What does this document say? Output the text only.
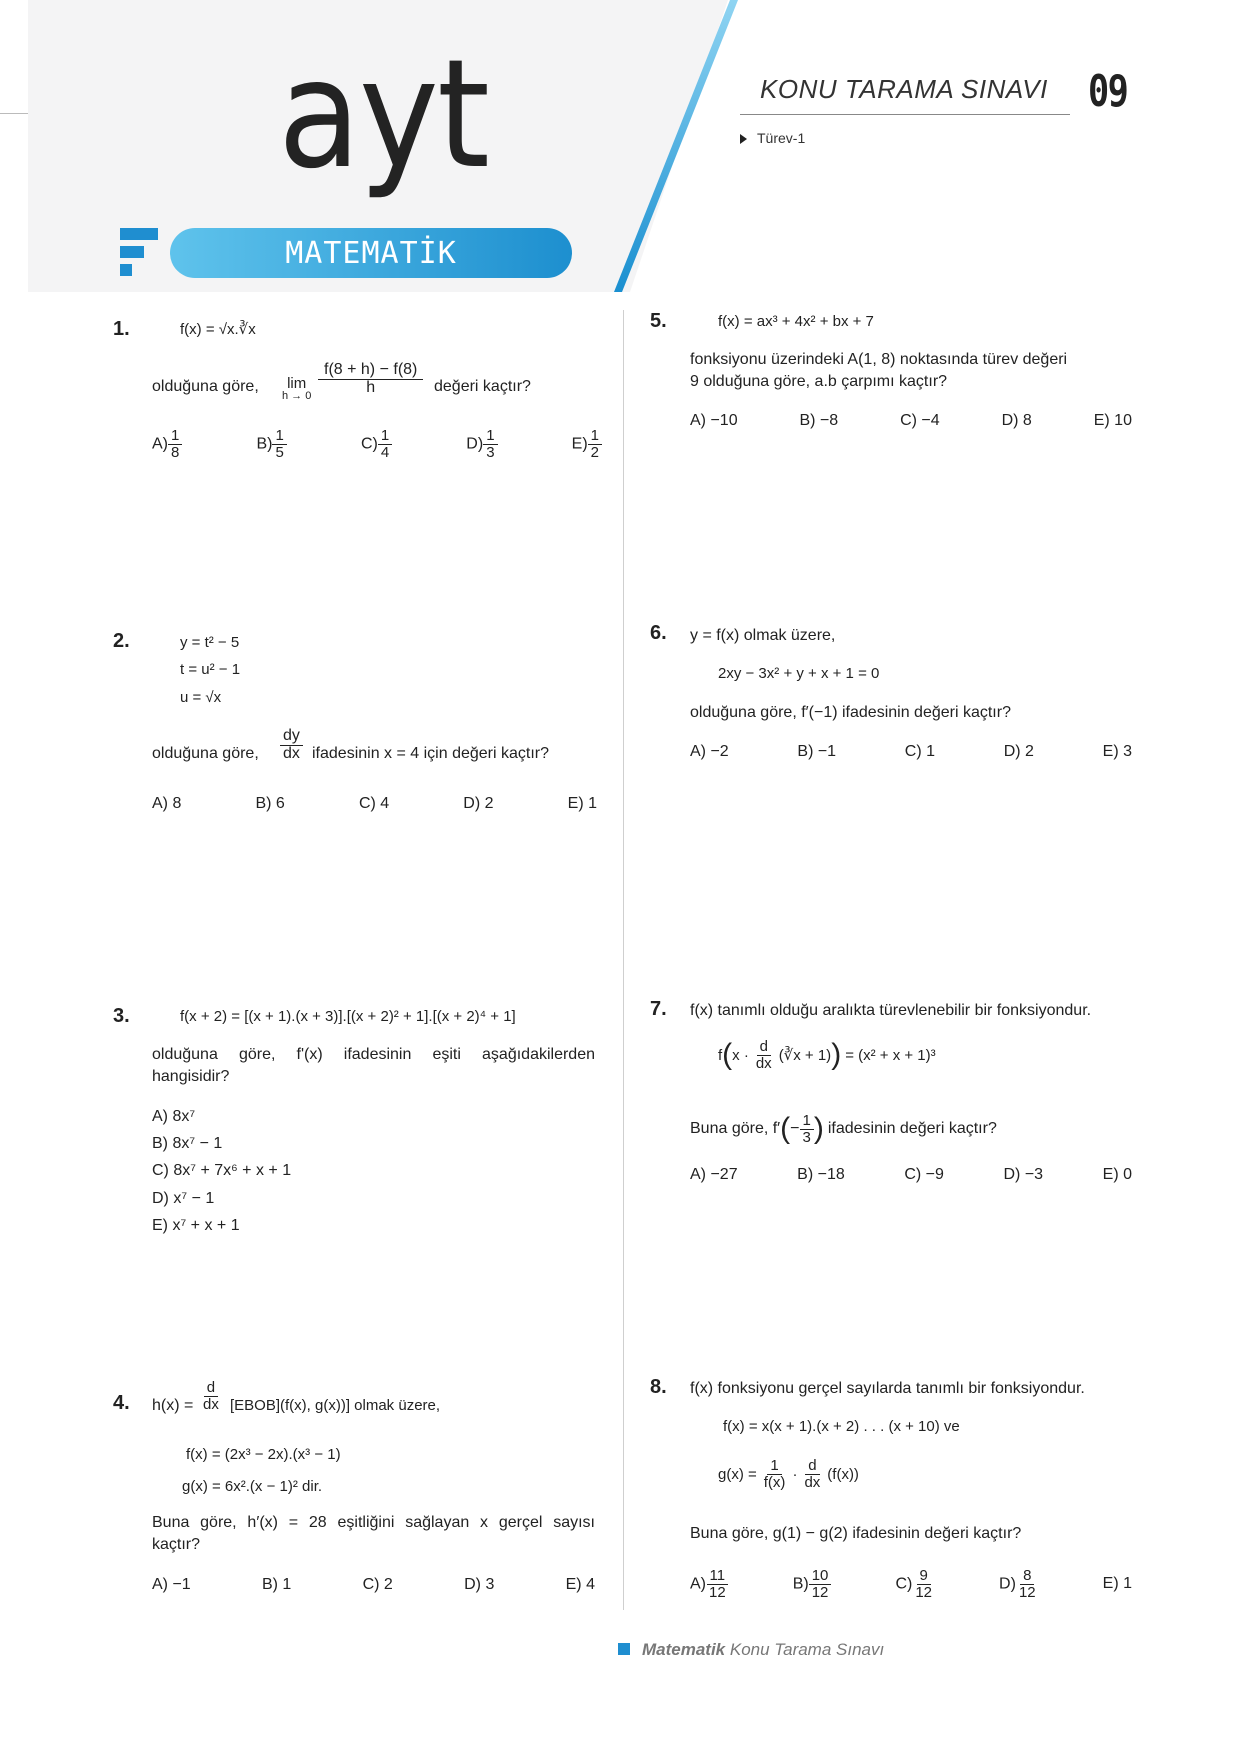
ayt
MATEMATİK
KONU TARAMA SINAVI 09
Türev-1
1.	f(x) = √x.∛x
olduğuna göre, lim
$h \to 0 \frac{f(8 + h) - f(8)}{h}$ değeri kaçtır?
$A) \frac{1}{8}$	$B) \frac{1}{5}$	$C) \frac{1}{4}$	$D) \frac{1}{3}$	$E) \frac{1}{2}$
2.	y = t² − 5
t = u² − 1
u = √x
olduğuna göre, $\frac{dy}{dx}$ ifadesinin x = 4 için değeri kaçtır?
A) 8	B) 6	C) 4	D) 2	E) 1
3.	f(x + 2) = [(x + 1).(x + 3)].[(x + 2)² + 1].[(x + 2)⁴ + 1]
olduğuna göre, f'(x) ifadesinin eşiti aşağıdakilerden
hangisidir?
A) 8x⁷
B) 8x⁷ − 1
C) 8x⁷ + 7x⁶ + x + 1
D) x⁷ − 1
E) x⁷ + x + 1
4. $h(x) = \frac{d}{dx}$ [EBOB](f(x), g(x))] olmak üzere,
f(x) = (2x³ − 2x).(x³ − 1)
g(x) = 6x².(x − 1)² dir.
Buna göre, h′(x) = 28 eşitliğini sağlayan x gerçel sayısı
kaçtır?
A) −1	B) 1	C) 2	D) 3	E) 4
5.	f(x) = ax³ + 4x² + bx + 7
fonksiyonu üzerindeki A(1, 8) noktasında türev değeri
9 olduğuna göre, a.b çarpımı kaçtır?
A) −10	B) −8	C) −4	D) 8	E) 10
6. y = f(x) olmak üzere,
2xy − 3x² + y + x + 1 = 0
olduğuna göre, f′(−1) ifadesinin değeri kaçtır?
A) −2	B) −1	C) 1	D) 2	E) 3
7. f(x) tanımlı olduğu aralıkta türevlenebilir bir fonksiyondur.
f ( $x \cdot \frac{d}{dx}$ (∛x + 1) ) = (x² + x + 1)³
Buna göre, f′ ( − $\frac{1}{3}$ ) ifadesinin değeri kaçtır?
A) −27	B) −18	C) −9	D) −3	E) 0
8. f(x) fonksiyonu gerçel sayılarda tanımlı bir fonksiyondur.
f(x) = x(x + 1).(x + 2) . . . (x + 10) ve
$g(x) = \frac{1}{f(x)} \cdot \frac{d}{dx} (f(x))$
Buna göre, g(1) − g(2) ifadesinin değeri kaçtır?
$A) \frac{11}{12}$	$B) \frac{10}{12}$	$C) \frac{9}{12}$	$D) \frac{8}{12}$	E) 1
Matematik Konu Tarama Sınavı
